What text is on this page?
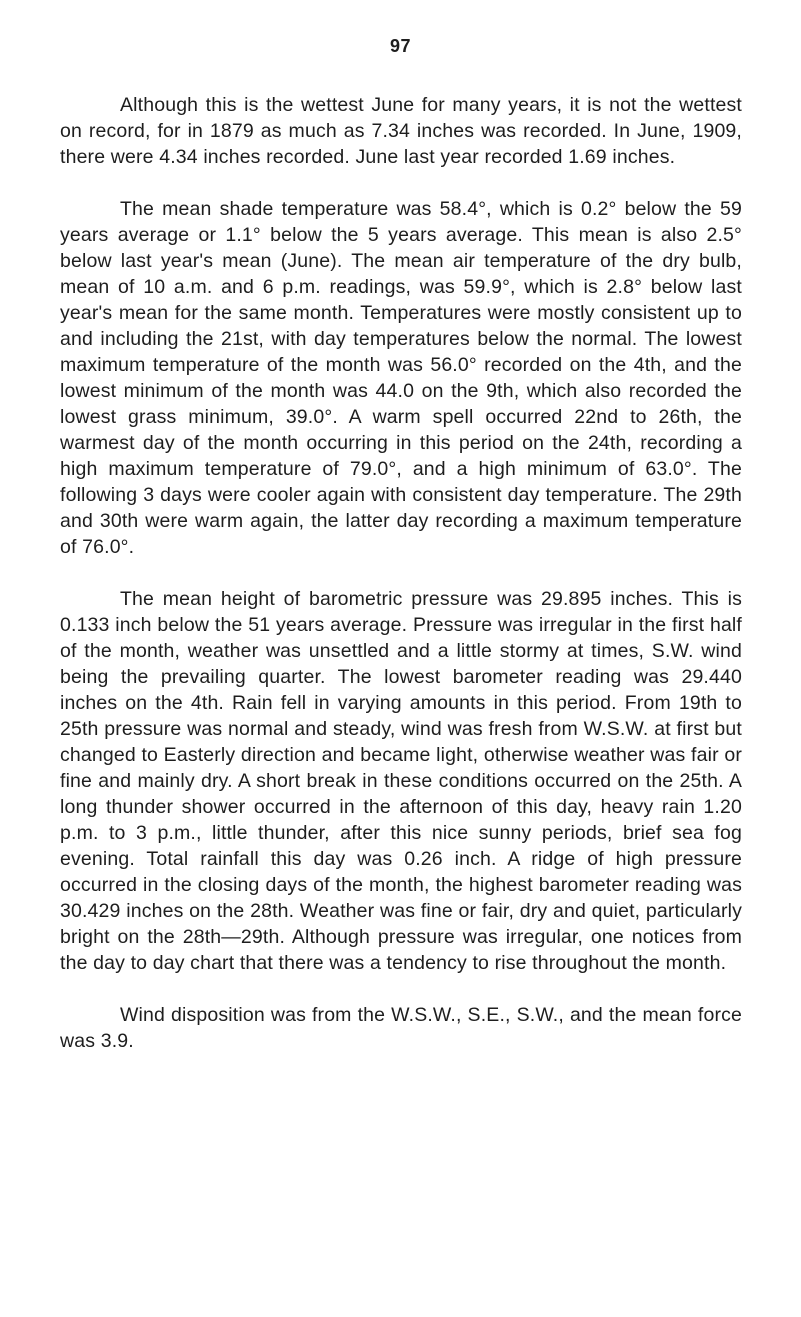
97

Although this is the wettest June for many years, it is not the wettest on record, for in 1879 as much as 7.34 inches was recorded. In June, 1909, there were 4.34 inches recorded. June last year recorded 1.69 inches.

The mean shade temperature was 58.4°, which is 0.2° below the 59 years average or 1.1° below the 5 years average. This mean is also 2.5° below last year's mean (June). The mean air temperature of the dry bulb, mean of 10 a.m. and 6 p.m. readings, was 59.9°, which is 2.8° below last year's mean for the same month. Temperatures were mostly consistent up to and including the 21st, with day temperatures below the normal. The lowest maximum temperature of the month was 56.0° recorded on the 4th, and the lowest minimum of the month was 44.0 on the 9th, which also recorded the lowest grass minimum, 39.0°. A warm spell occurred 22nd to 26th, the warmest day of the month occurring in this period on the 24th, recording a high maximum temperature of 79.0°, and a high minimum of 63.0°. The following 3 days were cooler again with consistent day temperature. The 29th and 30th were warm again, the latter day recording a maximum temperature of 76.0°.

The mean height of barometric pressure was 29.895 inches. This is 0.133 inch below the 51 years average. Pressure was irregular in the first half of the month, weather was unsettled and a little stormy at times, S.W. wind being the prevailing quarter. The lowest barometer reading was 29.440 inches on the 4th. Rain fell in varying amounts in this period. From 19th to 25th pressure was normal and steady, wind was fresh from W.S.W. at first but changed to Easterly direction and became light, otherwise weather was fair or fine and mainly dry. A short break in these conditions occurred on the 25th. A long thunder shower occurred in the afternoon of this day, heavy rain 1.20 p.m. to 3 p.m., little thunder, after this nice sunny periods, brief sea fog evening. Total rainfall this day was 0.26 inch. A ridge of high pressure occurred in the closing days of the month, the highest barometer reading was 30.429 inches on the 28th. Weather was fine or fair, dry and quiet, particularly bright on the 28th—29th. Although pressure was irregular, one notices from the day to day chart that there was a tendency to rise throughout the month.

Wind disposition was from the W.S.W., S.E., S.W., and the mean force was 3.9.
